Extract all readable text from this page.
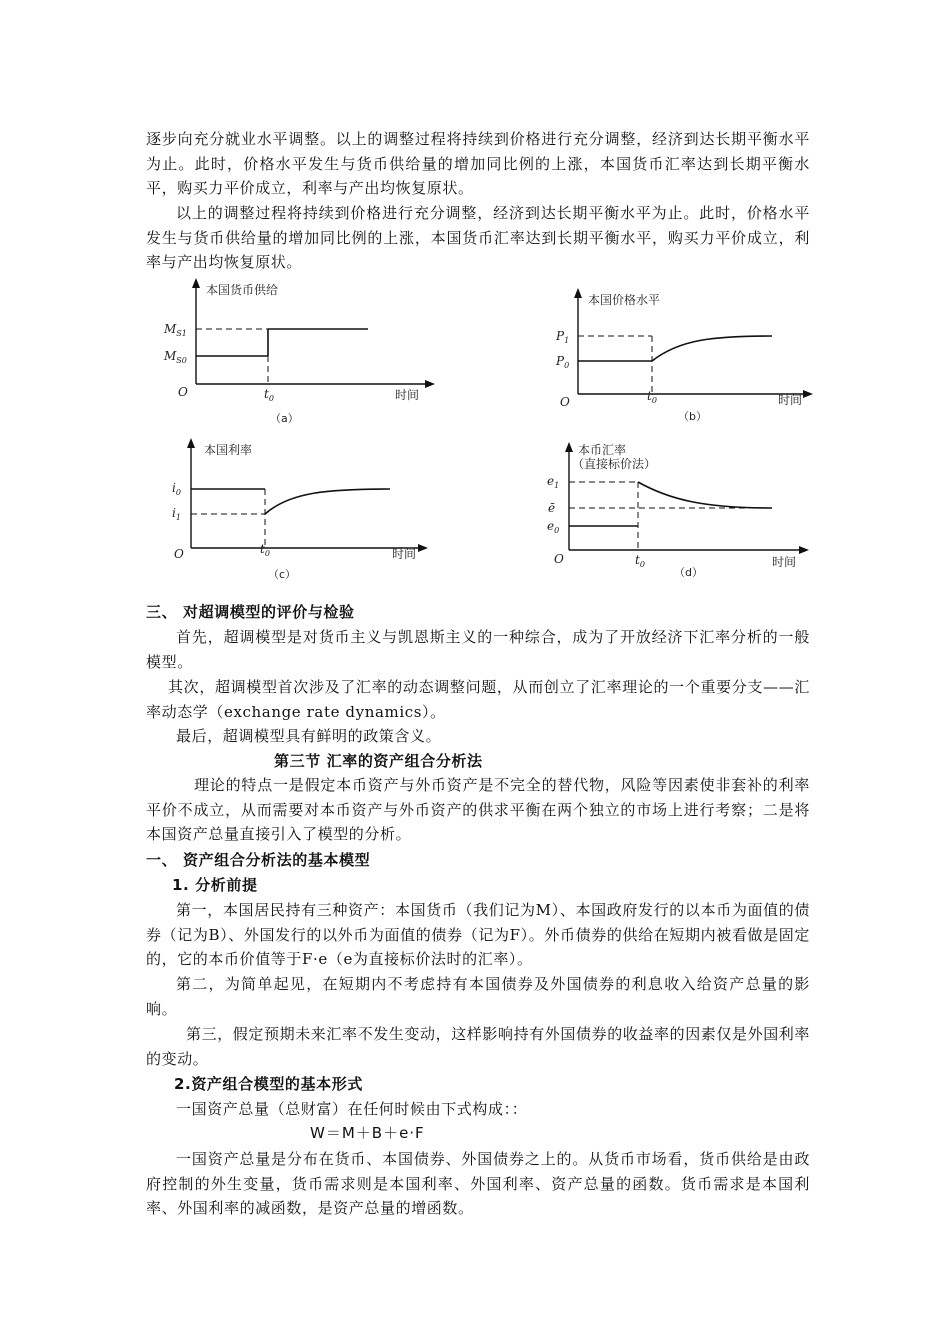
逐步向充分就业水平调整。以上的调整过程将持续到价格进行充分调整，经济到达长期平衡水平为止。此时，价格水平发生与货币供给量的增加同比例的上涨，本国货币汇率达到长期平衡水平，购买力平价成立，利率与产出均恢复原状。

以上的调整过程将持续到价格进行充分调整，经济到达长期平衡水平为止。此时，价格水平发生与货币供给量的增加同比例的上涨，本国货币汇率达到长期平衡水平，购买力平价成立，利率与产出均恢复原状。

本国货币供给
$M_{S1}$
$M_{S0}$
O	$t_0$	时间
（a）
本国价格水平
$P_1$
$P_0$
O	$t_0$	时间
（b）
本国利率
$i_0$
$i_1$
O	$t_0$	时间
（c）
本币汇率
（直接标价法）
$e_1$
ē
$e_0$
O	$t_0$	时间
（d）

三、 对超调模型的评价与检验

首先，超调模型是对货币主义与凯恩斯主义的一种综合，成为了开放经济下汇率分析的一般模型。

其次，超调模型首次涉及了汇率的动态调整问题，从而创立了汇率理论的一个重要分支——汇率动态学（exchange rate dynamics）。

最后，超调模型具有鲜明的政策含义。

第三节 汇率的资产组合分析法

理论的特点一是假定本币资产与外币资产是不完全的替代物，风险等因素使非套补的利率平价不成立，从而需要对本币资产与外币资产的供求平衡在两个独立的市场上进行考察；二是将本国资产总量直接引入了模型的分析。

一、 资产组合分析法的基本模型

1. 分析前提

第一，本国居民持有三种资产：本国货币（我们记为M）、本国政府发行的以本币为面值的债券（记为B）、外国发行的以外币为面值的债券（记为F）。外币债券的供给在短期内被看做是固定的，它的本币价值等于F·e（e为直接标价法时的汇率）。

第二，为简单起见，在短期内不考虑持有本国债券及外国债券的利息收入给资产总量的影响。

第三，假定预期未来汇率不发生变动，这样影响持有外国债券的收益率的因素仅是外国利率的变动。

2.资产组合模型的基本形式

一国资产总量（总财富）在任何时候由下式构成：：

W＝M＋B＋e·F

一国资产总量是分布在货币、本国债券、外国债券之上的。从货币市场看，货币供给是由政府控制的外生变量，货币需求则是本国利率、外国利率、资产总量的函数。货币需求是本国利率、外国利率的减函数，是资产总量的增函数。
